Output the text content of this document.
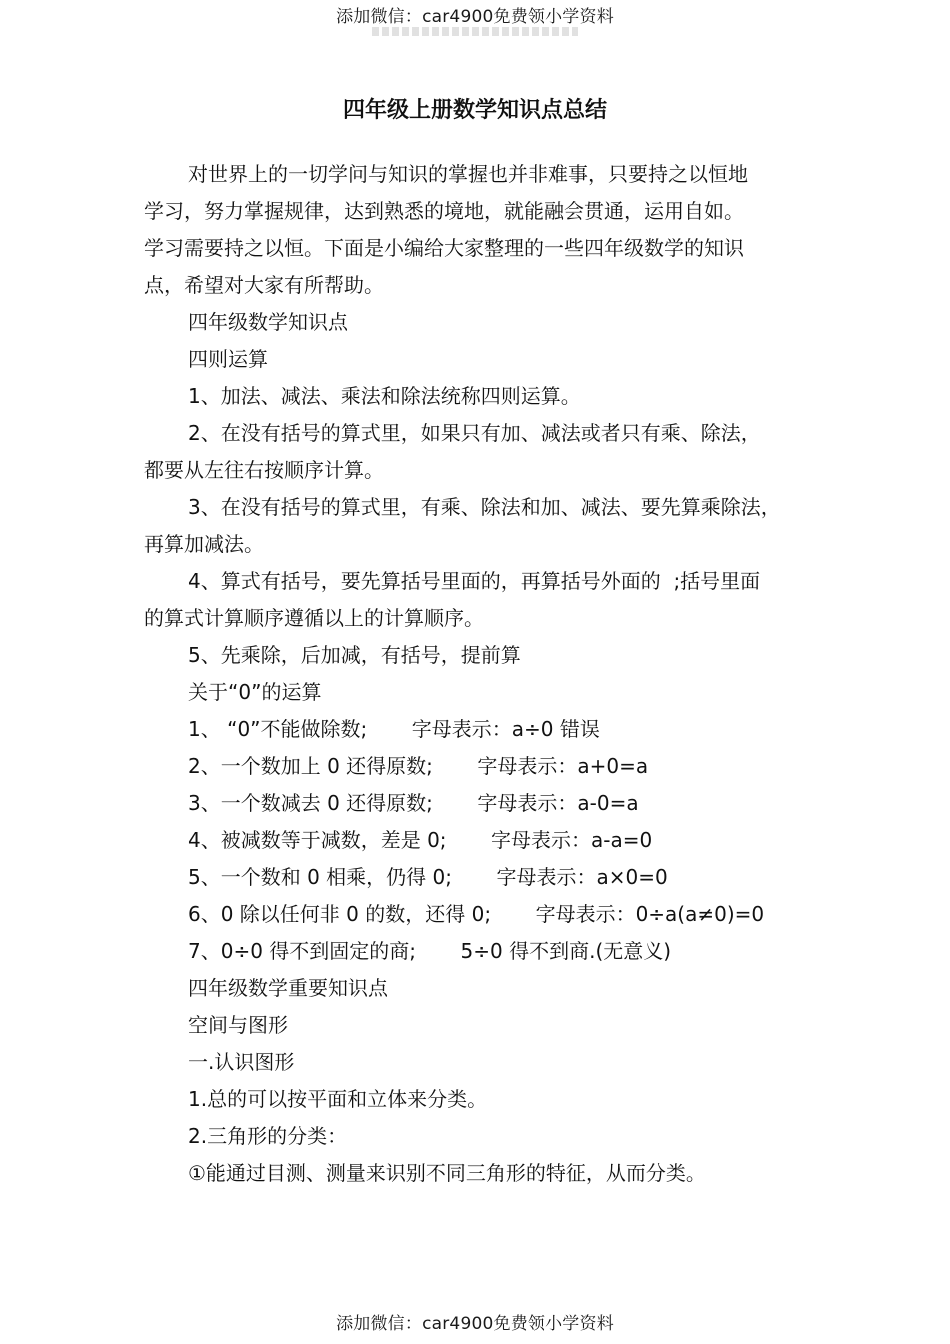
添加微信：car4900免费领小学资料
四年级上册数学知识点总结
对世界上的一切学问与知识的掌握也并非难事，只要持之以恒地
学习，努力掌握规律，达到熟悉的境地，就能融会贯通，运用自如。
学习需要持之以恒。下面是小编给大家整理的一些四年级数学的知识
点，希望对大家有所帮助。
四年级数学知识点
四则运算
1、加法、减法、乘法和除法统称四则运算。
2、在没有括号的算式里，如果只有加、减法或者只有乘、除法，
都要从左往右按顺序计算。
3、在没有括号的算式里，有乘、除法和加、减法、要先算乘除法，
再算加减法。
4、算式有括号，要先算括号里面的，再算括号外面的  ;括号里面
的算式计算顺序遵循以上的计算顺序。
5、先乘除，后加减，有括号，提前算
关于“0”的运算
1、 “0”不能做除数;       字母表示：a÷0 错误
2、一个数加上 0 还得原数;       字母表示：a+0=a
3、一个数减去 0 还得原数;       字母表示：a-0=a
4、被减数等于减数，差是 0;       字母表示：a-a=0
5、一个数和 0 相乘，仍得 0;       字母表示：a×0=0
6、0 除以任何非 0 的数，还得 0;       字母表示：0÷a(a≠0)=0
7、0÷0 得不到固定的商;       5÷0 得不到商.(无意义)
四年级数学重要知识点
空间与图形
一.认识图形
1.总的可以按平面和立体来分类。
2.三角形的分类：
①能通过目测、测量来识别不同三角形的特征，从而分类。
添加微信：car4900免费领小学资料
